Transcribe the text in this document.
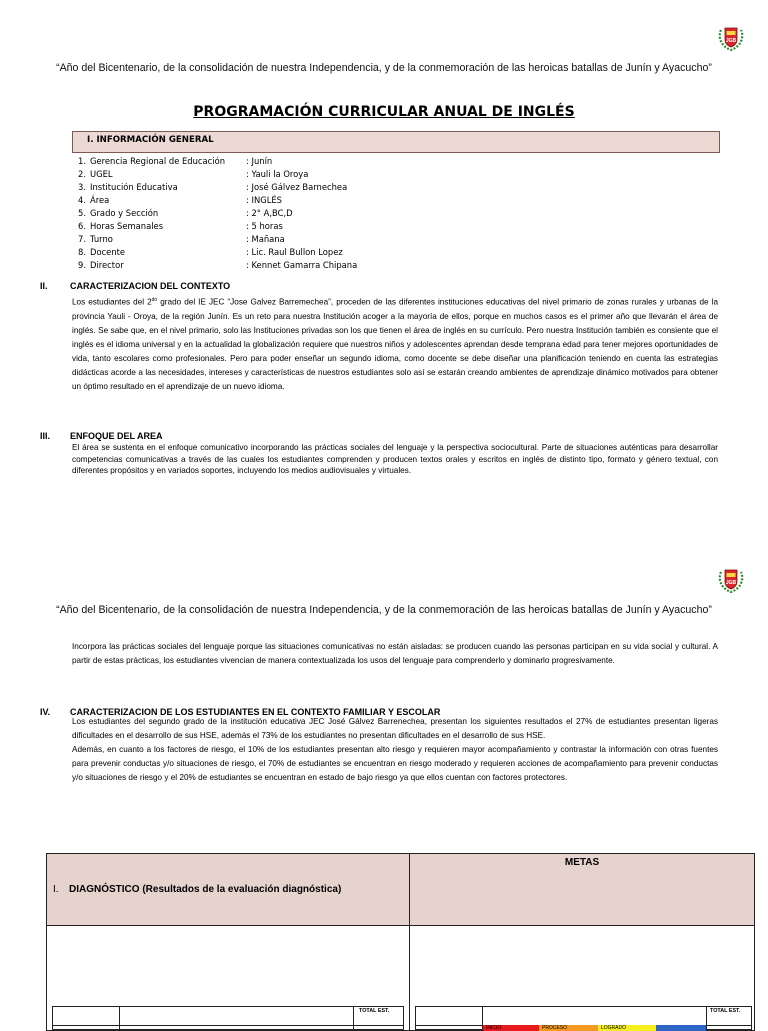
JGB
“Año del Bicentenario, de la consolidación de nuestra Independencia, y de la conmemoración de las heroicas batallas de Junín y Ayacucho”
PROGRAMACIÓN CURRICULAR ANUAL DE INGLÉS
I. INFORMACIÓN GENERAL
1. Gerencia Regional de Educación : Junín
2. UGEL	: Yauli la Oroya
3. Institución Educativa	: José Gálvez Barnechea
4. Área	: INGLÉS
5. Grado y Sección	: 2° A,BC,D
6. Horas Semanales	: 5 horas
7. Turno	: Mañana
8. Docente	: Lic. Raul Bullon Lopez
9. Director	: Kennet Gamarra Chipana
II. CARACTERIZACION DEL CONTEXTO

Los estudiantes del $2^{do}$ grado del IE JEC “Jose Galvez Barremechea”, proceden de las diferentes instituciones educativas del nivel primario de zonas rurales y urbanas de la provincia Yauli - Oroya, de la región Junín. Es un reto para nuestra Institución acoger a la mayoría de ellos, porque en muchos casos es el primer año que llevarán el área de inglés. Se sabe que, en el nivel primario, solo las Instituciones privadas son los que tienen el área de inglés en su currículo. Pero nuestra Institución también es consiente que el inglés es el idioma universal y en la actualidad la globalización requiere que nuestros niños y adolescentes aprendan desde temprana edad para tener mejores oportunidades de vida, tanto escolares como profesionales. Pero para poder enseñar un segundo idioma, como docente se debe diseñar una planificación teniendo en cuenta las estrategias didácticas acorde a las necesidades, intereses y características de nuestros estudiantes solo así se estarán creando ambientes de aprendizaje dinámico motivados para obtener un óptimo resultado en el aprendizaje de un nuevo idioma.

III. ENFOQUE DEL AREA

El área se sustenta en el enfoque comunicativo incorporando las prácticas sociales del lenguaje y la perspectiva sociocultural. Parte de situaciones auténticas para desarrollar competencias comunicativas a través de las cuales los estudiantes comprenden y producen textos orales y escritos en inglés de distinto tipo, formato y género textual, con diferentes propósitos y en variados soportes, incluyendo los medios audiovisuales y virtuales.

JGB
“Año del Bicentenario, de la consolidación de nuestra Independencia, y de la conmemoración de las heroicas batallas de Junín y Ayacucho”

Incorpora las prácticas sociales del lenguaje porque las situaciones comunicativas no están aisladas: se producen cuando las personas participan en su vida social y cultural. A partir de estas prácticas, los estudiantes vivencian de manera contextualizada los usos del lenguaje para comprenderlo y dominarlo progresivamente.

IV. CARACTERIZACION DE LOS ESTUDIANTES EN EL CONTEXTO FAMILIAR Y ESCOLAR

Los estudiantes del segundo grado de la institución educativa JEC José Gálvez Barrenechea, presentan los siguientes resultados el 27% de estudiantes presentan ligeras dificultades en el desarrollo de sus HSE, además el 73% de los estudiantes no presentan dificultades en el desarrollo de sus HSE.

Además, en cuanto a los factores de riesgo, el 10% de los estudiantes presentan alto riesgo y requieren mayor acompañamiento y contrastar la información con otras fuentes para prevenir conductas y/o situaciones de riesgo, el 70% de estudiantes se encuentran en riesgo moderado y requieren acciones de acompañamiento para prevenir conductas y/o situaciones de riesgo y el 20% de estudiantes se encuentran en estado de bajo riesgo ya que ellos cuentan con factores protectores.

I. DIAGNÓSTICO (Resultados de la evaluación diagnóstica)	METAS

TOTAL EST.	TOTAL EST.
INICIO PROCESO LOGRADO
